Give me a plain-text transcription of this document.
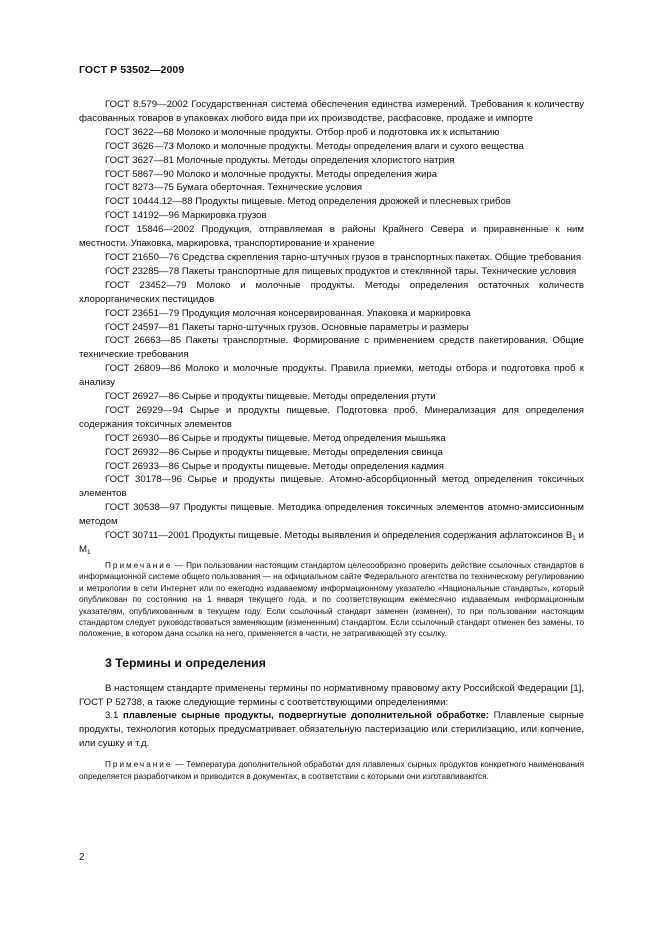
ГОСТ Р 53502—2009

ГОСТ 8.579—2002 Государственная система обеспечения единства измерений. Требования к количеству фасованных товаров в упаковках любого вида при их производстве, расфасовке, продаже и импорте

ГОСТ 3622—68 Молоко и молочные продукты. Отбор проб и подготовка их к испытанию

ГОСТ 3626—73 Молоко и молочные продукты. Методы определения влаги и сухого вещества

ГОСТ 3627—81 Молочные продукты. Методы определения хлористого натрия

ГОСТ 5867—90 Молоко и молочные продукты. Методы определения жира

ГОСТ 8273—75 Бумага оберточная. Технические условия

ГОСТ 10444.12—88 Продукты пищевые. Метод определения дрожжей и плесневых грибов

ГОСТ 14192—96 Маркировка грузов

ГОСТ 15846—2002 Продукция, отправляемая в районы Крайнего Севера и приравненные к ним местности. Упаковка, маркировка, транспортирование и хранение

ГОСТ 21650—76 Средства скрепления тарно-штучных грузов в транспортных пакетах. Общие требования

ГОСТ 23285—78 Пакеты транспортные для пищевых продуктов и стеклянной тары. Технические условия

ГОСТ 23452—79 Молоко и молочные продукты. Методы определения остаточных количеств хлорорганических пестицидов

ГОСТ 23651—79 Продукция молочная консервированная. Упаковка и маркировка

ГОСТ 24597—81 Пакеты тарно-штучных грузов. Основные параметры и размеры

ГОСТ 26663—85 Пакеты транспортные. Формирование с применением средств пакетирования. Общие технические требования

ГОСТ 26809—86 Молоко и молочные продукты. Правила приемки, методы отбора и подготовка проб к анализу

ГОСТ 26927—86 Сырье и продукты пищевые. Методы определения ртути

ГОСТ 26929—94 Сырье и продукты пищевые. Подготовка проб. Минерализация для определения содержания токсичных элементов

ГОСТ 26930—86 Сырье и продукты пищевые. Метод определения мышьяка

ГОСТ 26932—86 Сырье и продукты пищевые. Методы определения свинца

ГОСТ 26933—86 Сырье и продукты пищевые. Методы определения кадмия

ГОСТ 30178—96 Сырье и продукты пищевые. Атомно-абсорбционный метод определения токсичных элементов

ГОСТ 30538—97 Продукты пищевые. Методика определения токсичных элементов атомно-эмиссионным методом

ГОСТ 30711—2001 Продукты пищевые. Методы выявления и определения содержания афлатоксинов $В_1$ и $М_1$

Примечание — При пользовании настоящим стандартом целесообразно проверить действие ссылочных стандартов в информационной системе общего пользования — на официальном сайте Федерального агентства по техническому регулированию и метрологии в сети Интернет или по ежегодно издаваемому информационному указателю «Национальные стандарты», который опубликован по состоянию на 1 января текущего года, и по соответствующим ежемесячно издаваемым информационным указателям, опубликованным в текущем году. Если ссылочный стандарт заменен (изменен), то при пользовании настоящим стандартом следует руководствоваться заменяющим (измененным) стандартом. Если ссылочный стандарт отменен без замены, то положение, в котором дана ссылка на него, применяется в части, не затрагивающей эту ссылку.

3 Термины и определения

В настоящем стандарте применены термины по нормативному правовому акту Российской Федерации [1], ГОСТ Р 52738, а также следующие термины с соответствующими определениями:

3.1 плавленые сырные продукты, подвергнутые дополнительной обработке: Плавленые сырные продукты, технология которых предусматривает обязательную пастеризацию или стерилизацию, или копчение, или сушку и т.д.

Примечание — Температура дополнительной обработки для плавленых сырных продуктов конкретного наименования определяется разработчиком и приводится в документах, в соответствии с которыми они изготавливаются.

2
